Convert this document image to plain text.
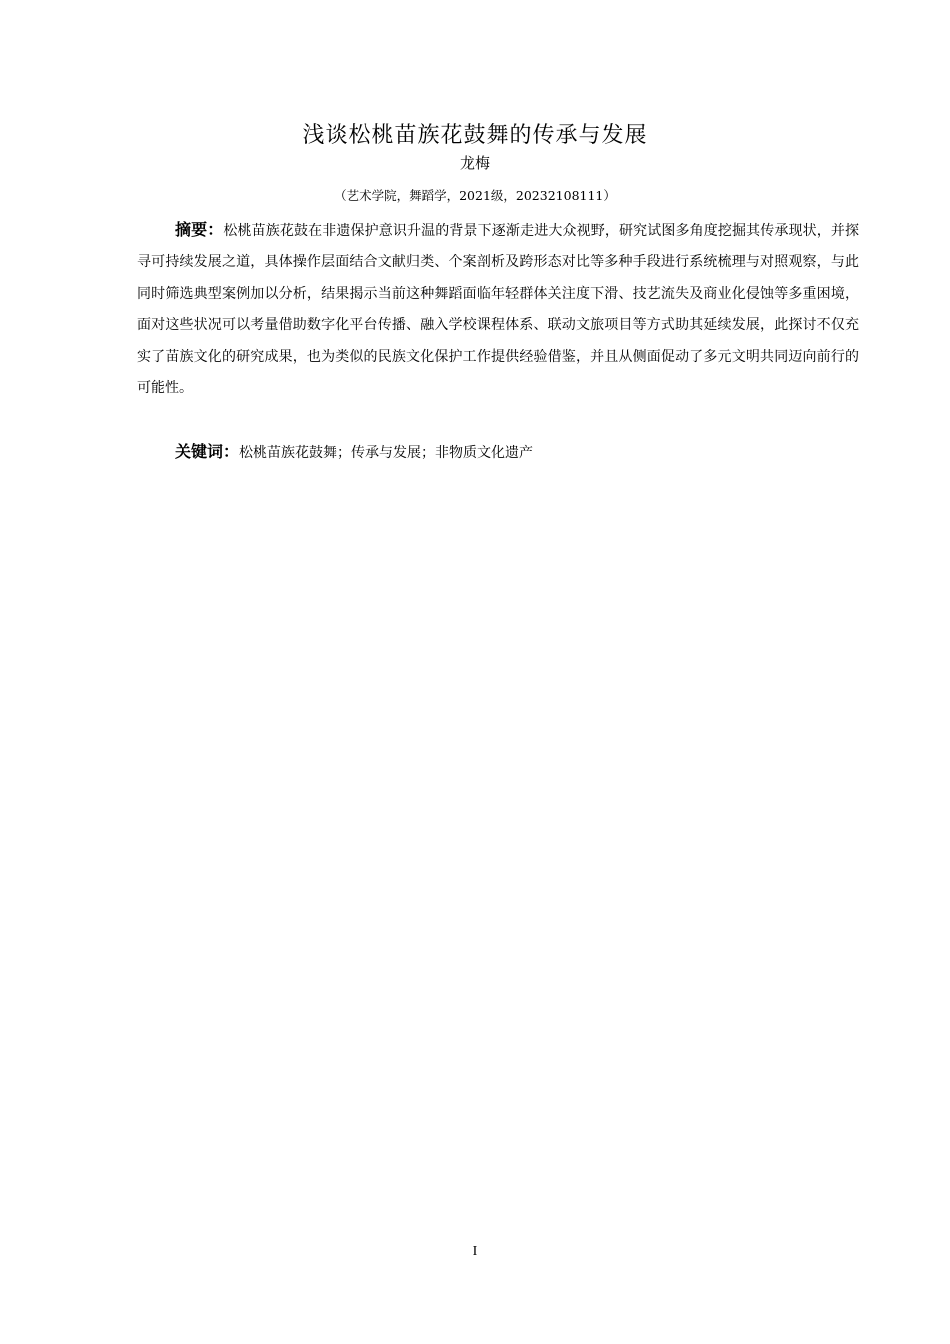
浅谈松桃苗族花鼓舞的传承与发展
龙梅
（艺术学院，舞蹈学，2021级，20232108111）

摘要：松桃苗族花鼓在非遗保护意识升温的背景下逐渐走进大众视野，研究试图多角度挖掘其传承现状，并探寻可持续发展之道，具体操作层面结合文献归类、个案剖析及跨形态对比等多种手段进行系统梳理与对照观察，与此同时筛选典型案例加以分析，结果揭示当前这种舞蹈面临年轻群体关注度下滑、技艺流失及商业化侵蚀等多重困境，面对这些状况可以考量借助数字化平台传播、融入学校课程体系、联动文旅项目等方式助其延续发展，此探讨不仅充实了苗族文化的研究成果，也为类似的民族文化保护工作提供经验借鉴，并且从侧面促动了多元文明共同迈向前行的可能性。

关键词：松桃苗族花鼓舞；传承与发展；非物质文化遗产

I
